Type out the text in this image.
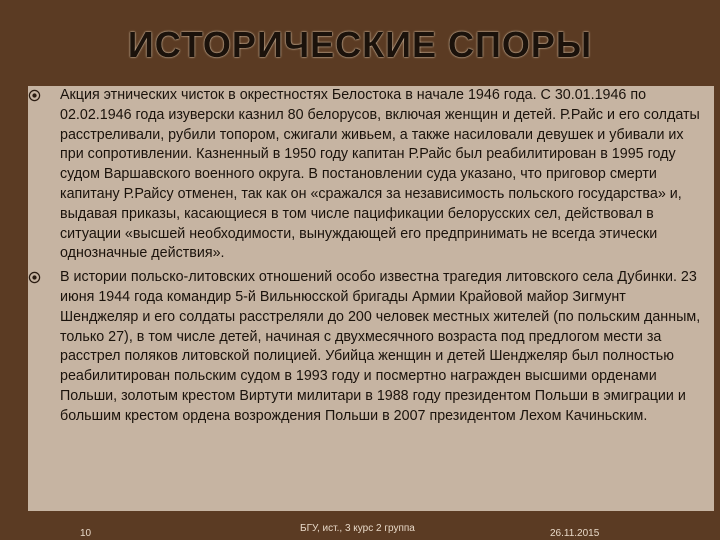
ИСТОРИЧЕСКИЕ СПОРЫ
Акция этнических чисток в окрестностях Белостока в начале 1946 года. С 30.01.1946 по 02.02.1946 года изуверски казнил 80 белорусов, включая женщин и детей. Р.Райс и его солдаты расстреливали, рубили топором, сжигали живьем, а также насиловали девушек и убивали их при сопротивлении. Казненный в 1950 году капитан Р.Райс был реабилитирован в 1995 году судом Варшавского военного округа. В постановлении суда указано, что приговор смерти капитану Р.Райсу отменен, так как он «сражался за независимость польского государства» и, выдавая приказы, касающиеся в том числе пацификации белорусских сел, действовал в ситуации «высшей необходимости, вынуждающей его предпринимать не всегда этически однозначные действия».
В истории польско-литовских отношений особо известна трагедия литовского села Дубинки. 23 июня 1944 года командир 5-й Вильнюсской бригады Армии Крайовой майор Зигмунт Шенджеляр и его солдаты расстреляли до 200 человек местных жителей (по польским данным, только 27), в том числе детей, начиная с двухмесячного возраста под предлогом мести за расстрел поляков литовской полицией. Убийца женщин и детей Шенджеляр был полностью реабилитирован польским судом в 1993 году и посмертно награжден высшими орденами Польши, золотым крестом Виртути милитари в 1988 году президентом Польши в эмиграции и большим крестом ордена возрождения Польши в 2007 президентом Лехом Качиньским.
10	БГУ, ист., 3 курс 2 группа	26.11.2015
